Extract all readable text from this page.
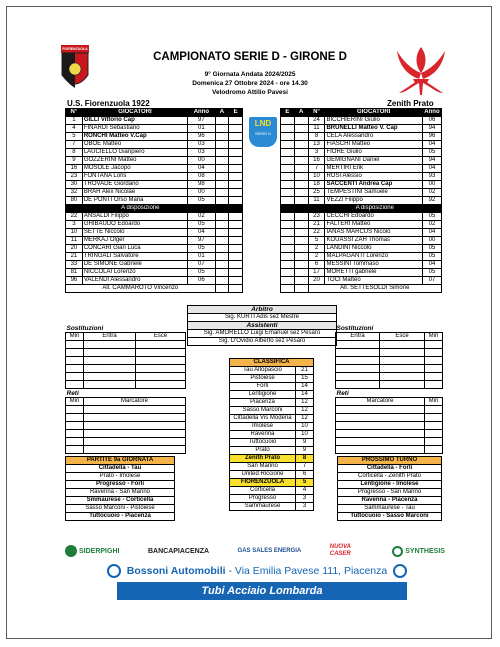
FIORENZUOLA
CAMPIONATO SERIE D - GIRONE D
9° Giornata Andata 2024/2025
Domenica 27 Ottobre 2024 - ore 14.30
Velodromo Attilio Pavesi
U.S. Fiorenzuola 1922	Zenith Prato
LND
SERIE D
N°	GIOCATORI	Anno	A	E
1	GILLI Vittorio Cap	97		
4	FINARDI Sebastiano	01		
5	RONCHI Matteo V.Cap	96		
7	OBOE Matteo	03		
8	LAUCIELLO Gianpiero	03		
9	GOZZERINI Matteo	00		
16	MOSOLE Jacopo	04		
23	FONTANA Loris	08		
30	TROVADE Giordano	98		
32	BRAH Alex Nicolae	00		
80	DE PONTI Orso Maria	05		
A disposizione				
22	ANSALDI Filippo	02		
3	GHIBAUDO Edoardo	05		
10	SETTE Niccolò	04		
11	MERKAJ Olger	97		
20	CONCARI Gian Luca	05		
21	TRINGALI Salvatore	01		
33	DE SIMONE Gabriele	07		
81	NICCOLAI Lorenzo	05		
96	VALENDI Alessandro	06		
All. CAMMAROTO Vincenzo				
E	A	N°	GIOCATORI	Anno
		24	BICCHIERINI Giulio	06
		11	BRUNELLI Matteo V. Cap	94
		8	CELA Alessandro	96
		13	FIASCHI Matteo	04
		3	FIORE Giulio	05
		16	GEMIGNANI Daniel	94
		7	MERTIRI Erik	04
		10	ROSI Alessio	93
		18	SACCENTI Andrea Cap	00
		25	TEMPESTINI Samuele	02
		11	VEZZI Filippo	92
		A disposizione		
		23	CECCHI Edoardo	05
		21	FALTERI Matteo	02
		22	IANAS MARCUS Nicolò	04
		5	KOUASSI ZAH Thomas	00
		2	LANDINI Niccolò	05
		2	MALPAGANTI Lorenzo	05
		6	MESSINI Tommaso	04
		17	MORETTI gabriele	05
		20	TOCI Matteo	07
		All. SETTESOLDI Simone		
Arbitro
Sig. KURTI Adis sez Mestre
Assistenti
Sig. AMORELLO Luigi Emanuel sez Pesaro
Sig. D'Ovidio Alberto sez Pesaro
Sostituzioni		
Min	Entra	Esce

Sostituzioni		
Entra	Esce	Min

Reti	
Min	Marcatore

Reti	
Marcatore	Min

CLASSIFICA	
Tau Altopascio	21
Pistoiese	15
Forlì	14
Lentigione	14
Piacenza	12
Sasso Marconi	12
Cittadella Vis Modena	12
Imolese	10
Ravenna	10
Tuttocuoio	9
Prato	9
Zenith Prato	8
San Marino	7
United Riccione	6
FIORENZUOLA	5
Corticella	4
Progresso	3
Sammaurese	3
PARTITE 9a GIORNATA
Cittadella - Tau
Prato - Imolese
Progresso - Forlì
Ravenna - San Marino
Smmaurese - Corticella
Sasso Marconi - Pistoiese
Tuttocuoio - Piacenza
PROSSIMO TURNO
Cittadella - Forlì
Corticella - Zenith Prato
Lentigione - Imolese
Progresso - San Marino
Ravenna - Piacenza
Sammaurese - Tau
Tuttocuoio - Sasso Marconi
SIDERPIGHI	BANCAPIACENZA	GAS SALES ENERGIA
NUOVA CASER	SYNTHESIS
Bossoni Automobili - Via Emilia Pavese 111, Piacenza
Tubi Acciaio Lombarda
